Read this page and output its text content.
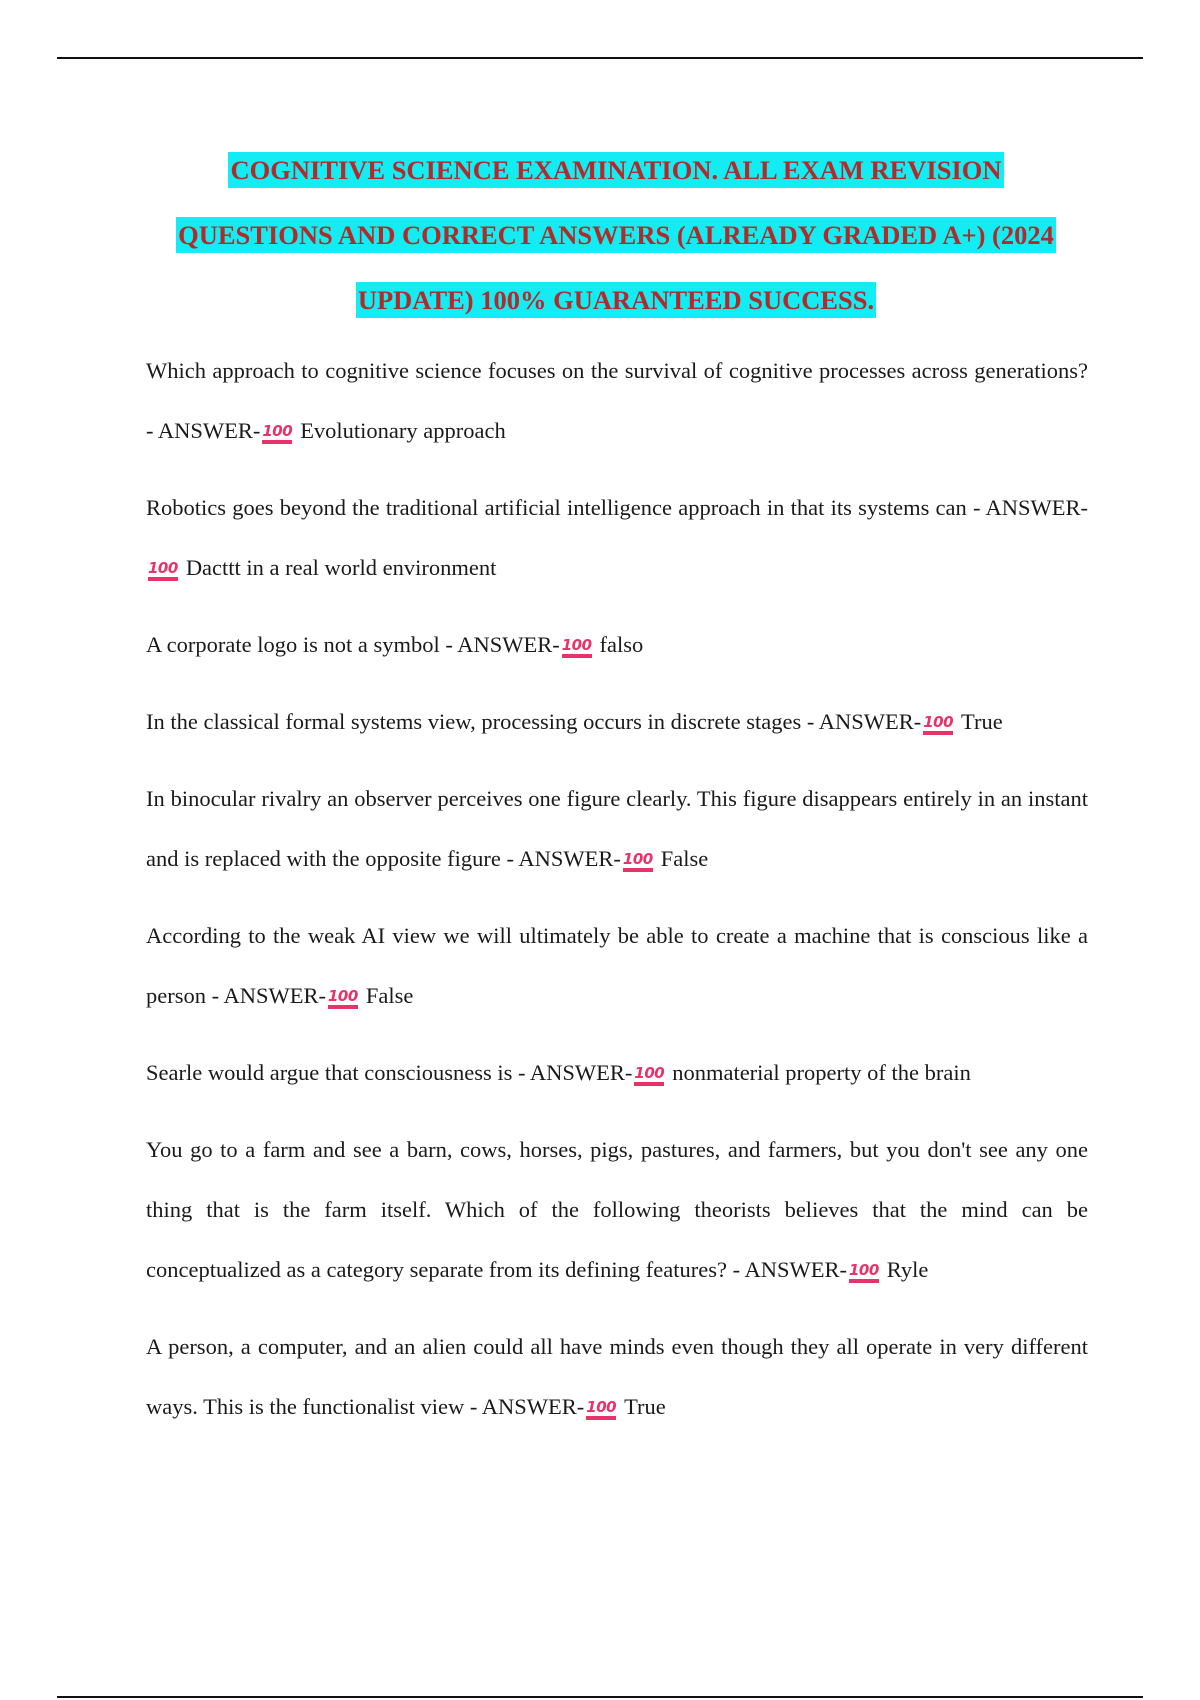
COGNITIVE SCIENCE EXAMINATION. ALL EXAM REVISION
QUESTIONS AND CORRECT ANSWERS (ALREADY GRADED A+) (2024
UPDATE) 100% GUARANTEED SUCCESS.

Which approach to cognitive science focuses on the survival of cognitive processes across generations? - ANSWER- 100 Evolutionary approach

Robotics goes beyond the traditional artificial intelligence approach in that its systems can - ANSWER-100 Dacttt in a real world environment

A corporate logo is not a symbol - ANSWER- 100 falso

In the classical formal systems view, processing occurs in discrete stages - ANSWER- 100 True

In binocular rivalry an observer perceives one figure clearly. This figure disappears entirely in an instant and is replaced with the opposite figure - ANSWER- 100 False

According to the weak AI view we will ultimately be able to create a machine that is conscious like a person - ANSWER- 100 False

Searle would argue that consciousness is - ANSWER- 100 nonmaterial property of the brain

You go to a farm and see a barn, cows, horses, pigs, pastures, and farmers, but you don't see any one thing that is the farm itself. Which of the following theorists believes that the mind can be conceptualized as a category separate from its defining features? - ANSWER- 100 Ryle

A person, a computer, and an alien could all have minds even though they all operate in very different ways. This is the functionalist view - ANSWER- 100 True
